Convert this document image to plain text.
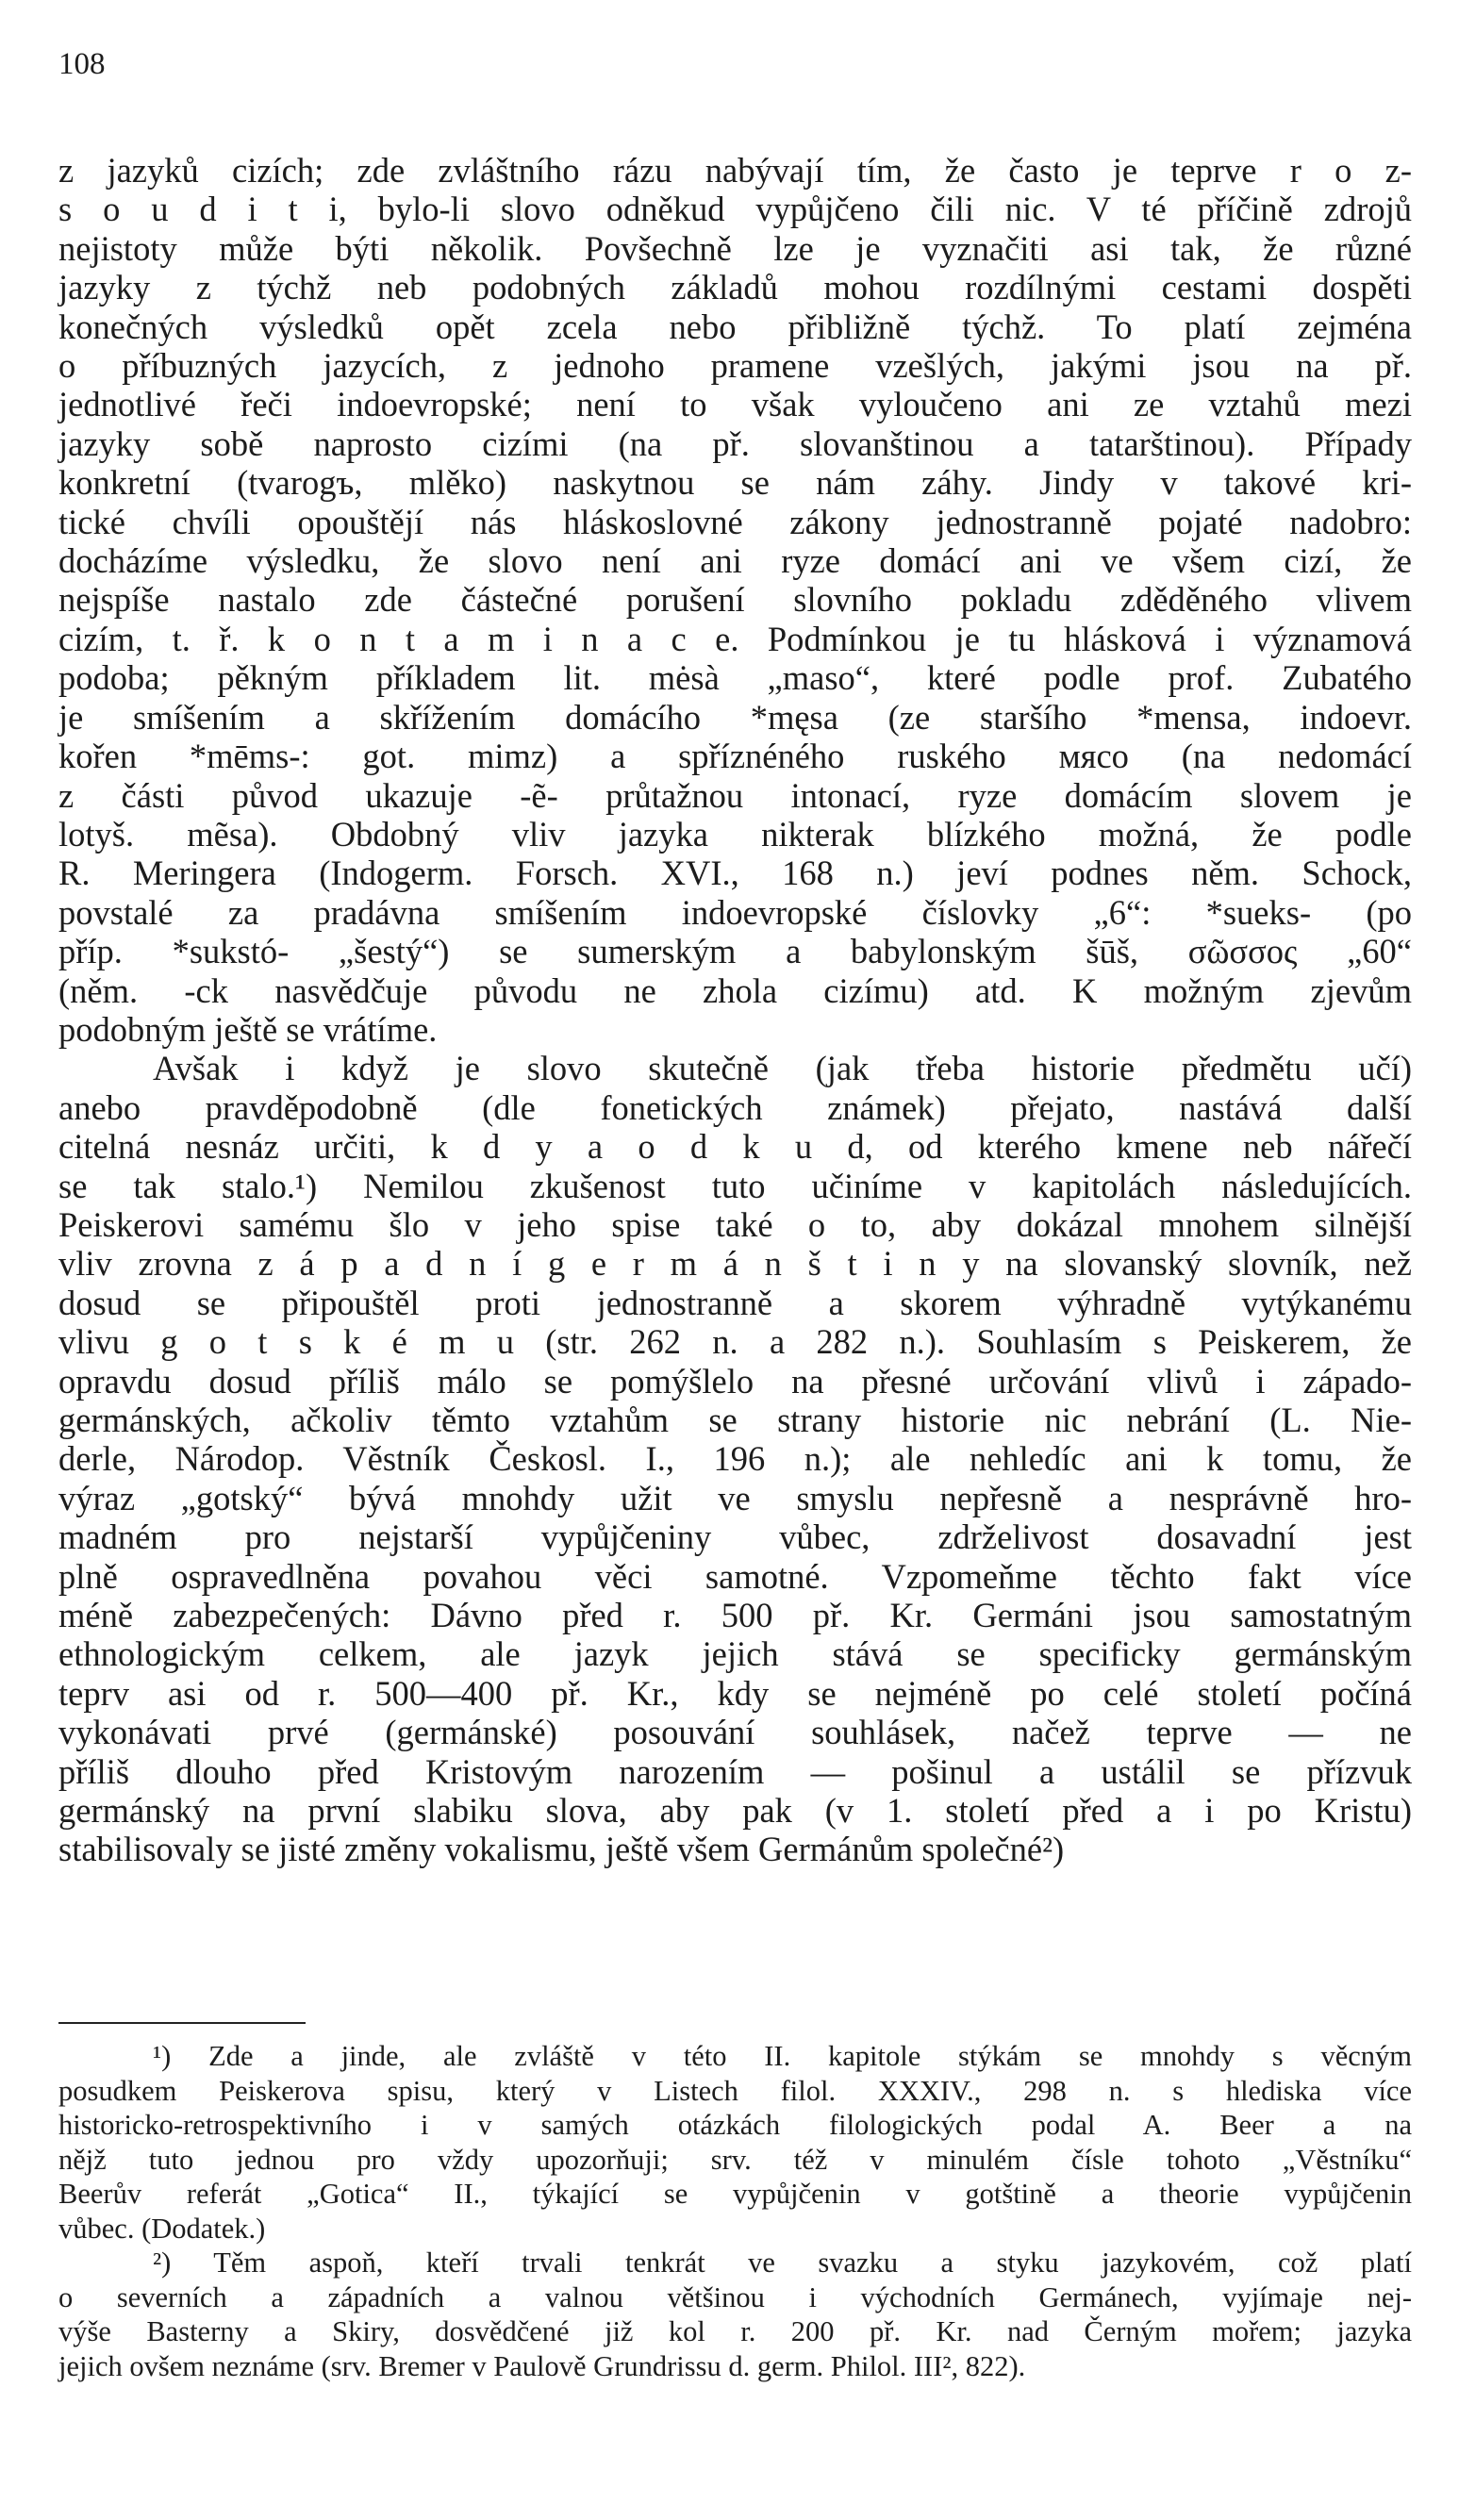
108
z jazyků cizích; zde zvláštního rázu nabývají tím, že často je teprve r o z-
s o u d i t i, bylo-li slovo odněkud vypůjčeno čili nic. V té příčině zdrojů
nejistoty může býti několik. Povšechně lze je vyznačiti asi tak, že různé
jazyky z týchž neb podobných základů mohou rozdílnými cestami dospěti
konečných výsledků opět zcela nebo přibližně týchž. To platí zejména
o příbuzných jazycích, z jednoho pramene vzešlých, jakými jsou na př.
jednotlivé řeči indoevropské; není to však vyloučeno ani ze vztahů mezi
jazyky sobě naprosto cizími (na př. slovanštinou a tatarštinou). Případy
konkretní (tvarogъ, mlěko) naskytnou se nám záhy. Jindy v takové kri-
tické chvíli opouštějí nás hláskoslovné zákony jednostranně pojaté nadobro:
docházíme výsledku, že slovo není ani ryze domácí ani ve všem cizí, že
nejspíše nastalo zde částečné porušení slovního pokladu zděděného vlivem
cizím, t. ř. k o n t a m i n a c e. Podmínkou je tu hlásková i významová
podoba; pěkným příkladem lit. mėsà „maso“, které podle prof. Zubatého
je smíšením a skřížením domácího *męsa (ze staršího *mensa, indoevr.
kořen *mēms-: got. mimz) a spříznéného ruského мясо (na nedomácí
z části původ ukazuje -ẽ- průtažnou intonací, ryze domácím slovem je
lotyš. mẽsa). Obdobný vliv jazyka nikterak blízkého možná, že podle
R. Meringera (Indogerm. Forsch. XVI., 168 n.) jeví podnes něm. Schock,
povstalé za pradávna smíšením indoevropské číslovky „6“: *sueks- (po
příp. *sukstó- „šestý“) se sumerským a babylonským šūš, σῶσσος „60“
(něm. -ck nasvědčuje původu ne zhola cizímu) atd. K možným zjevům
podobným ještě se vrátíme.
Avšak i když je slovo skutečně (jak třeba historie předmětu učí)
anebo pravděpodobně (dle fonetických známek) přejato, nastává další
citelná nesnáz určiti, k d y a o d k u d, od kterého kmene neb nářečí
se tak stalo.¹) Nemilou zkušenost tuto učiníme v kapitolách následujících.
Peiskerovi samému šlo v jeho spise také o to, aby dokázal mnohem silnější
vliv zrovna z á p a d n í g e r m á n š t i n y na slovanský slovník, než
dosud se připouštěl proti jednostranně a skorem výhradně vytýkanému
vlivu g o t s k é m u (str. 262 n. a 282 n.). Souhlasím s Peiskerem, že
opravdu dosud příliš málo se pomýšlelo na přesné určování vlivů i západo-
germánských, ačkoliv těmto vztahům se strany historie nic nebrání (L. Nie-
derle, Národop. Věstník Českosl. I., 196 n.); ale nehledíc ani k tomu, že
výraz „gotský“ bývá mnohdy užit ve smyslu nepřesně a nesprávně hro-
madném pro nejstarší vypůjčeniny vůbec, zdrželivost dosavadní jest
plně ospravedlněna povahou věci samotné. Vzpomeňme těchto fakt více
méně zabezpečených: Dávno před r. 500 př. Kr. Germáni jsou samostatným
ethnologickým celkem, ale jazyk jejich stává se specificky germánským
teprv asi od r. 500—400 př. Kr., kdy se nejméně po celé století počíná
vykonávati prvé (germánské) posouvání souhlásek, načež teprve — ne
příliš dlouho před Kristovým narozením — pošinul a ustálil se přízvuk
germánský na první slabiku slova, aby pak (v 1. století před a i po Kristu)
stabilisovaly se jisté změny vokalismu, ještě všem Germánům společné²)
¹) Zde a jinde, ale zvláště v této II. kapitole stýkám se mnohdy s věcným
posudkem Peiskerova spisu, který v Listech filol. XXXIV., 298 n. s hlediska více
historicko-retrospektivního i v samých otázkách filologických podal A. Beer a na
nějž tuto jednou pro vždy upozorňuji; srv. též v minulém čísle tohoto „Věstníku“
Beerův referát „Gotica“ II., týkající se vypůjčenin v gotštině a theorie vypůjčenin
vůbec. (Dodatek.)
²) Těm aspoň, kteří trvali tenkrát ve svazku a styku jazykovém, což platí
o severních a západních a valnou většinou i východních Germánech, vyjímaje nej-
výše Basterny a Skiry, dosvědčené již kol r. 200 př. Kr. nad Černým mořem; jazyka
jejich ovšem neznáme (srv. Bremer v Paulově Grundrissu d. germ. Philol. III², 822).
